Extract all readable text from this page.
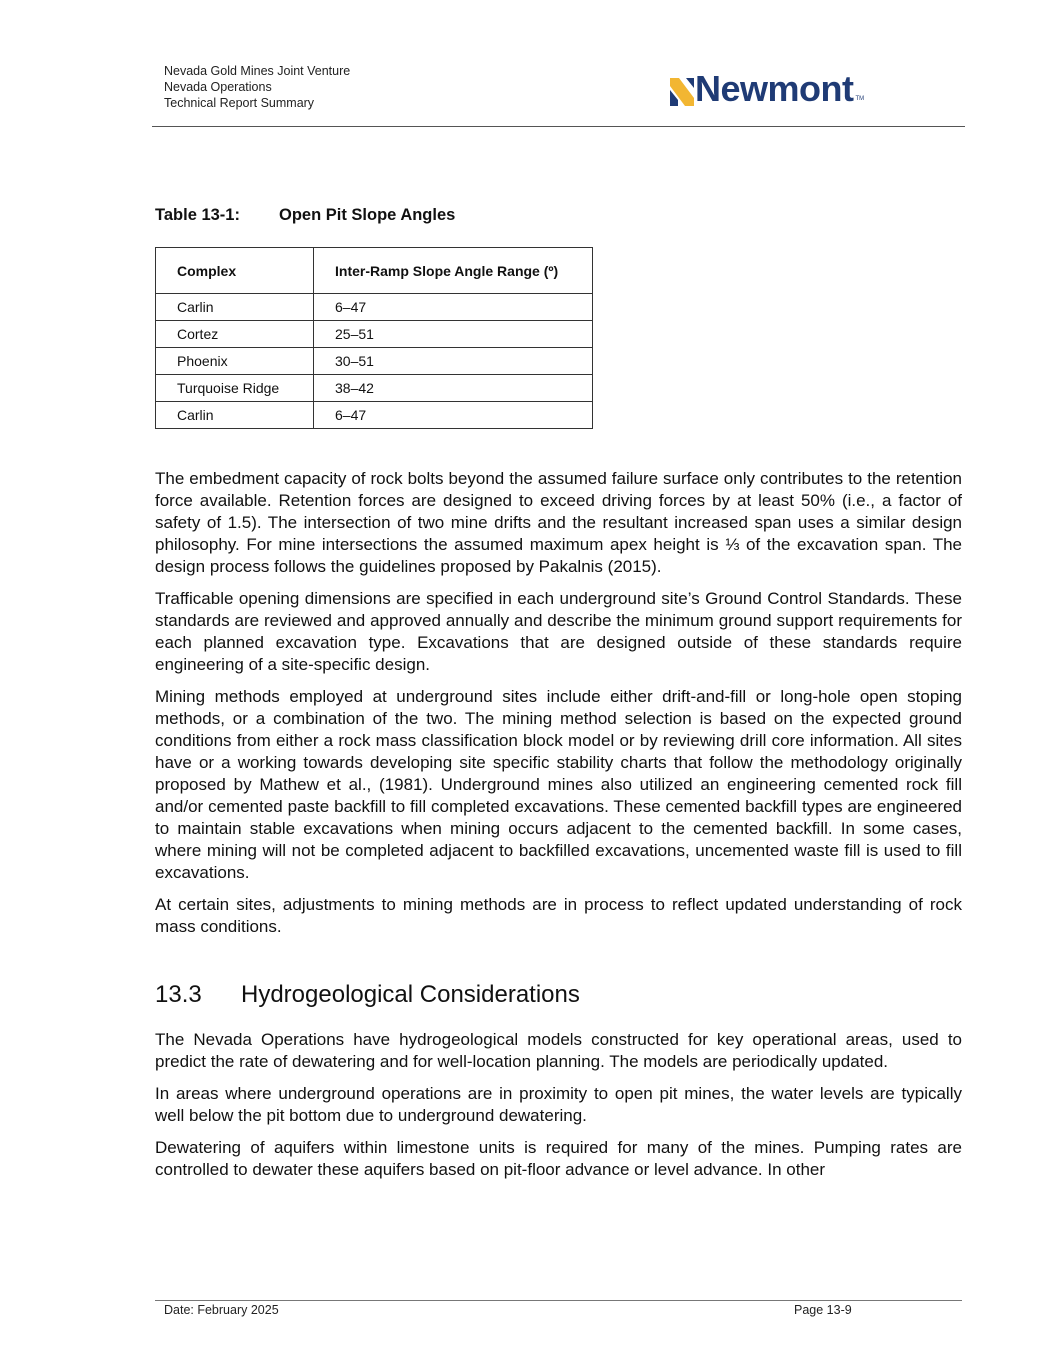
Nevada Gold Mines Joint Venture
Nevada Operations
Technical Report Summary	Newmont TM
Table 13-1: Open Pit Slope Angles
Complex	Inter-Ramp Slope Angle Range (º)
Carlin	6–47
Cortez	25–51
Phoenix	30–51
Turquoise Ridge	38–42
Carlin	6–47

The embedment capacity of rock bolts beyond the assumed failure surface only contributes to the retention force available. Retention forces are designed to exceed driving forces by at least 50% (i.e., a factor of safety of 1.5). The intersection of two mine drifts and the resultant increased span uses a similar design philosophy. For mine intersections the assumed maximum apex height is ⅓ of the excavation span. The design process follows the guidelines proposed by Pakalnis (2015).

Trafficable opening dimensions are specified in each underground site’s Ground Control Standards. These standards are reviewed and approved annually and describe the minimum ground support requirements for each planned excavation type. Excavations that are designed outside of these standards require engineering of a site-specific design.

Mining methods employed at underground sites include either drift-and-fill or long-hole open stoping methods, or a combination of the two. The mining method selection is based on the expected ground conditions from either a rock mass classification block model or by reviewing drill core information. All sites have or a working towards developing site specific stability charts that follow the methodology originally proposed by Mathew et al., (1981). Underground mines also utilized an engineering cemented rock fill and/or cemented paste backfill to fill completed excavations. These cemented backfill types are engineered to maintain stable excavations when mining occurs adjacent to the cemented backfill. In some cases, where mining will not be completed adjacent to backfilled excavations, uncemented waste fill is used to fill excavations.

At certain sites, adjustments to mining methods are in process to reflect updated understanding of rock mass conditions.

13.3 Hydrogeological Considerations

The Nevada Operations have hydrogeological models constructed for key operational areas, used to predict the rate of dewatering and for well-location planning. The models are periodically updated.

In areas where underground operations are in proximity to open pit mines, the water levels are typically well below the pit bottom due to underground dewatering.

Dewatering of aquifers within limestone units is required for many of the mines. Pumping rates are controlled to dewater these aquifers based on pit-floor advance or level advance. In other

Date: February 2025	Page 13-9
